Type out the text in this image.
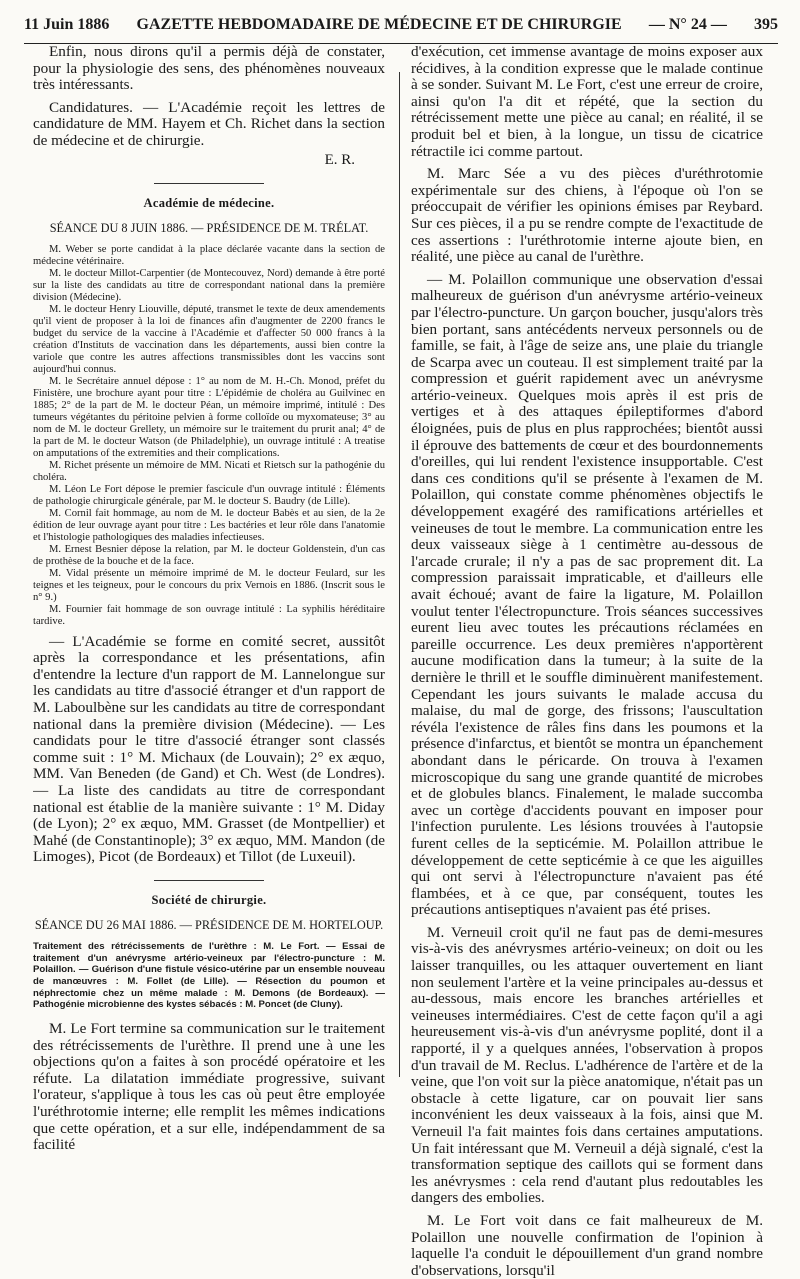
11 Juin 1886 GAZETTE HEBDOMADAIRE DE MÉDECINE ET DE CHIRURGIE — N° 24 — 395

Enfin, nous dirons qu'il a permis déjà de constater, pour la physiologie des sens, des phénomènes nouveaux très intéressants.

Candidatures. — L'Académie reçoit les lettres de candidature de MM. Hayem et Ch. Richet dans la section de médecine et de chirurgie.

E. R.
Académie de médecine.
SÉANCE DU 8 JUIN 1886. — PRÉSIDENCE DE M. TRÉLAT.

M. Weber se porte candidat à la place déclarée vacante dans la section de médecine vétérinaire.

M. le docteur Millot-Carpentier (de Montecouvez, Nord) demande à être porté sur la liste des candidats au titre de correspondant national dans la première division (Médecine).

M. le docteur Henry Liouville, député, transmet le texte de deux amendements qu'il vient de proposer à la loi de finances afin d'augmenter de 2200 francs le budget du service de la vaccine à l'Académie et d'affecter 50 000 francs à la création d'Instituts de vaccination dans les départements, aussi bien contre la variole que contre les autres affections transmissibles dont les vaccins sont aujourd'hui connus.

M. le Secrétaire annuel dépose : 1° au nom de M. H.-Ch. Monod, préfet du Finistère, une brochure ayant pour titre : L'épidémie de choléra au Guilvinec en 1885; 2° de la part de M. le docteur Péan, un mémoire imprimé, intitulé : Des tumeurs végétantes du péritoine pelvien à forme colloïde ou myxomateuse; 3° au nom de M. le docteur Grellety, un mémoire sur le traitement du prurit anal; 4° de la part de M. le docteur Watson (de Philadelphie), un ouvrage intitulé : A treatise on amputations of the extremities and their complications.

M. Richet présente un mémoire de MM. Nicati et Rietsch sur la pathogénie du choléra.

M. Léon Le Fort dépose le premier fascicule d'un ouvrage intitulé : Éléments de pathologie chirurgicale générale, par M. le docteur S. Baudry (de Lille).

M. Cornil fait hommage, au nom de M. le docteur Babès et au sien, de la 2e édition de leur ouvrage ayant pour titre : Les bactéries et leur rôle dans l'anatomie et l'histologie pathologiques des maladies infectieuses.

M. Ernest Besnier dépose la relation, par M. le docteur Goldenstein, d'un cas de prothèse de la bouche et de la face.

M. Vidal présente un mémoire imprimé de M. le docteur Feulard, sur les teignes et les teigneux, pour le concours du prix Vernois en 1886. (Inscrit sous le n° 9.)

M. Fournier fait hommage de son ouvrage intitulé : La syphilis héréditaire tardive.

— L'Académie se forme en comité secret, aussitôt après la correspondance et les présentations, afin d'entendre la lecture d'un rapport de M. Lannelongue sur les candidats au titre d'associé étranger et d'un rapport de M. Laboulbène sur les candidats au titre de correspondant national dans la première division (Médecine). — Les candidats pour le titre d'associé étranger sont classés comme suit : 1° M. Michaux (de Louvain); 2° ex æquo, MM. Van Beneden (de Gand) et Ch. West (de Londres). — La liste des candidats au titre de correspondant national est établie de la manière suivante : 1° M. Diday (de Lyon); 2° ex æquo, MM. Grasset (de Montpellier) et Mahé (de Constantinople); 3° ex æquo, MM. Mandon (de Limoges), Picot (de Bordeaux) et Tillot (de Luxeuil).

Société de chirurgie.
SÉANCE DU 26 MAI 1886. — PRÉSIDENCE DE M. HORTELOUP.

Traitement des rétrécissements de l'urèthre : M. Le Fort. — Essai de traitement d'un anévrysme artério-veineux par l'électro-puncture : M. Polaillon. — Guérison d'une fistule vésico-utérine par un ensemble nouveau de manœuvres : M. Follet (de Lille). — Résection du poumon et néphrectomie chez un même malade : M. Demons (de Bordeaux). — Pathogénie microbienne des kystes sébacés : M. Poncet (de Cluny).

M. Le Fort termine sa communication sur le traitement des rétrécissements de l'urèthre. Il prend une à une les objections qu'on a faites à son procédé opératoire et les réfute. La dilatation immédiate progressive, suivant l'orateur, s'applique à tous les cas où peut être employée l'uréthrotomie interne; elle remplit les mêmes indications que cette opération, et a sur elle, indépendamment de sa facilité

d'exécution, cet immense avantage de moins exposer aux récidives, à la condition expresse que le malade continue à se sonder. Suivant M. Le Fort, c'est une erreur de croire, ainsi qu'on l'a dit et répété, que la section du rétrécissement mette une pièce au canal; en réalité, il se produit bel et bien, à la longue, un tissu de cicatrice rétractile ici comme partout.

M. Marc Sée a vu des pièces d'uréthrotomie expérimentale sur des chiens, à l'époque où l'on se préoccupait de vérifier les opinions émises par Reybard. Sur ces pièces, il a pu se rendre compte de l'exactitude de ces assertions : l'uréthrotomie interne ajoute bien, en réalité, une pièce au canal de l'urèthre.

— M. Polaillon communique une observation d'essai malheureux de guérison d'un anévrysme artério-veineux par l'électro-puncture. Un garçon boucher, jusqu'alors très bien portant, sans antécédents nerveux personnels ou de famille, se fait, à l'âge de seize ans, une plaie du triangle de Scarpa avec un couteau. Il est simplement traité par la compression et guérit rapidement avec un anévrysme artério-veineux. Quelques mois après il est pris de vertiges et à des attaques épileptiformes d'abord éloignées, puis de plus en plus rapprochées; bientôt aussi il éprouve des battements de cœur et des bourdonnements d'oreilles, qui lui rendent l'existence insupportable. C'est dans ces conditions qu'il se présente à l'examen de M. Polaillon, qui constate comme phénomènes objectifs le développement exagéré des ramifications artérielles et veineuses de tout le membre. La communication entre les deux vaisseaux siège à 1 centimètre au-dessous de l'arcade crurale; il n'y a pas de sac proprement dit. La compression paraissait impraticable, et d'ailleurs elle avait échoué; avant de faire la ligature, M. Polaillon voulut tenter l'électropuncture. Trois séances successives eurent lieu avec toutes les précautions réclamées en pareille occurrence. Les deux premières n'apportèrent aucune modification dans la tumeur; à la suite de la dernière le thrill et le souffle diminuèrent manifestement. Cependant les jours suivants le malade accusa du malaise, du mal de gorge, des frissons; l'auscultation révéla l'existence de râles fins dans les poumons et la présence d'infarctus, et bientôt se montra un épanchement abondant dans le péricarde. On trouva à l'examen microscopique du sang une grande quantité de microbes et de globules blancs. Finalement, le malade succomba avec un cortège d'accidents pouvant en imposer pour l'infection purulente. Les lésions trouvées à l'autopsie furent celles de la septicémie. M. Polaillon attribue le développement de cette septicémie à ce que les aiguilles qui ont servi à l'électropuncture n'avaient pas été flambées, et à ce que, par conséquent, toutes les précautions antiseptiques n'avaient pas été prises.

M. Verneuil croit qu'il ne faut pas de demi-mesures vis-à-vis des anévrysmes artério-veineux; on doit ou les laisser tranquilles, ou les attaquer ouvertement en liant non seulement l'artère et la veine principales au-dessus et au-dessous, mais encore les branches artérielles et veineuses intermédiaires. C'est de cette façon qu'il a agi heureusement vis-à-vis d'un anévrysme poplité, dont il a rapporté, il y a quelques années, l'observation à propos d'un travail de M. Reclus. L'adhérence de l'artère et de la veine, que l'on voit sur la pièce anatomique, n'était pas un obstacle à cette ligature, car on pouvait lier sans inconvénient les deux vaisseaux à la fois, ainsi que M. Verneuil l'a fait maintes fois dans certaines amputations. Un fait intéressant que M. Verneuil a déjà signalé, c'est la transformation septique des caillots qui se forment dans les anévrysmes : cela rend d'autant plus redoutables les dangers des embolies.

M. Le Fort voit dans ce fait malheureux de M. Polaillon une nouvelle confirmation de l'opinion à laquelle l'a conduit le dépouillement d'un grand nombre d'observations, lorsqu'il
